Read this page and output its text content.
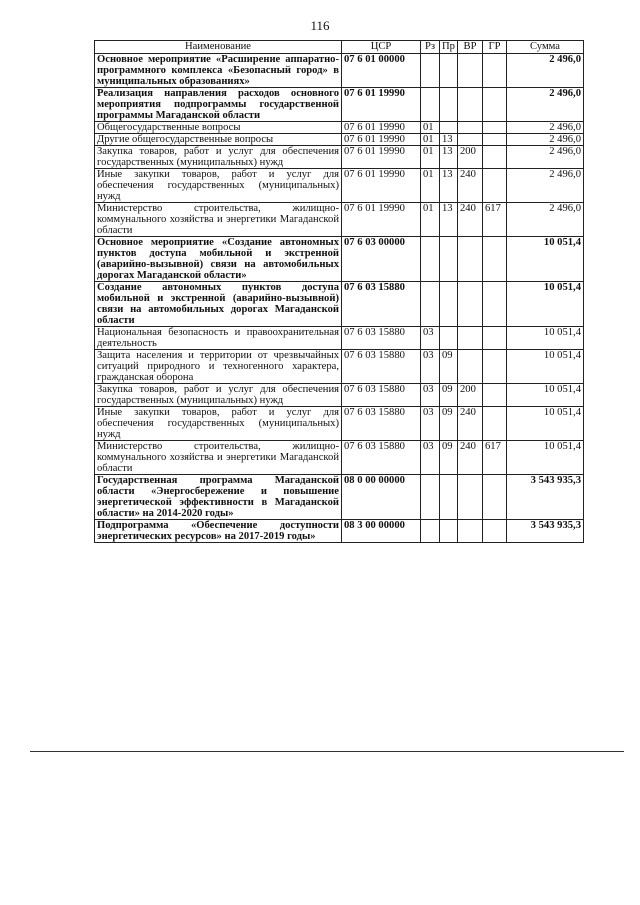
116
Наименование	ЦСР	Рз	Пр	ВР	ГР	Сумма
Основное мероприятие «Расширение аппаратно-программного комплекса «Безопасный город» в муниципальных образованиях»	07 6 01 00000					2 496,0
Реализация направления расходов основного мероприятия подпрограммы государственной программы Магаданской области	07 6 01 19990					2 496,0
Общегосударственные вопросы	07 6 01 19990	01				2 496,0
Другие общегосударственные вопросы	07 6 01 19990	01	13			2 496,0
Закупка товаров, работ и услуг для обеспечения государственных (муниципальных) нужд	07 6 01 19990	01	13	200		2 496,0
Иные закупки товаров, работ и услуг для обеспечения государственных (муниципальных) нужд	07 6 01 19990	01	13	240		2 496,0
Министерство строительства, жилищно-коммунального хозяйства и энергетики Магаданской области	07 6 01 19990	01	13	240	617	2 496,0
Основное мероприятие «Создание автономных пунктов доступа мобильной и экстренной (аварийно-вызывной) связи на автомобильных дорогах Магаданской области»	07 6 03 00000					10 051,4
Создание автономных пунктов доступа мобильной и экстренной (аварийно-вызывной) связи на автомобильных дорогах Магаданской области	07 6 03 15880					10 051,4
Национальная безопасность и правоохранительная деятельность	07 6 03 15880	03				10 051,4
Защита населения и территории от чрезвычайных ситуаций природного и техногенного характера, гражданская оборона	07 6 03 15880	03	09			10 051,4
Закупка товаров, работ и услуг для обеспечения государственных (муниципальных) нужд	07 6 03 15880	03	09	200		10 051,4
Иные закупки товаров, работ и услуг для обеспечения государственных (муниципальных) нужд	07 6 03 15880	03	09	240		10 051,4
Министерство строительства, жилищно-коммунального хозяйства и энергетики Магаданской области	07 6 03 15880	03	09	240	617	10 051,4
Государственная программа Магаданской области «Энергосбережение и повышение энергетической эффективности в Магаданской области» на 2014-2020 годы»	08 0 00 00000					3 543 935,3
Подпрограмма «Обеспечение доступности энергетических ресурсов» на 2017-2019 годы»	08 3 00 00000					3 543 935,3
